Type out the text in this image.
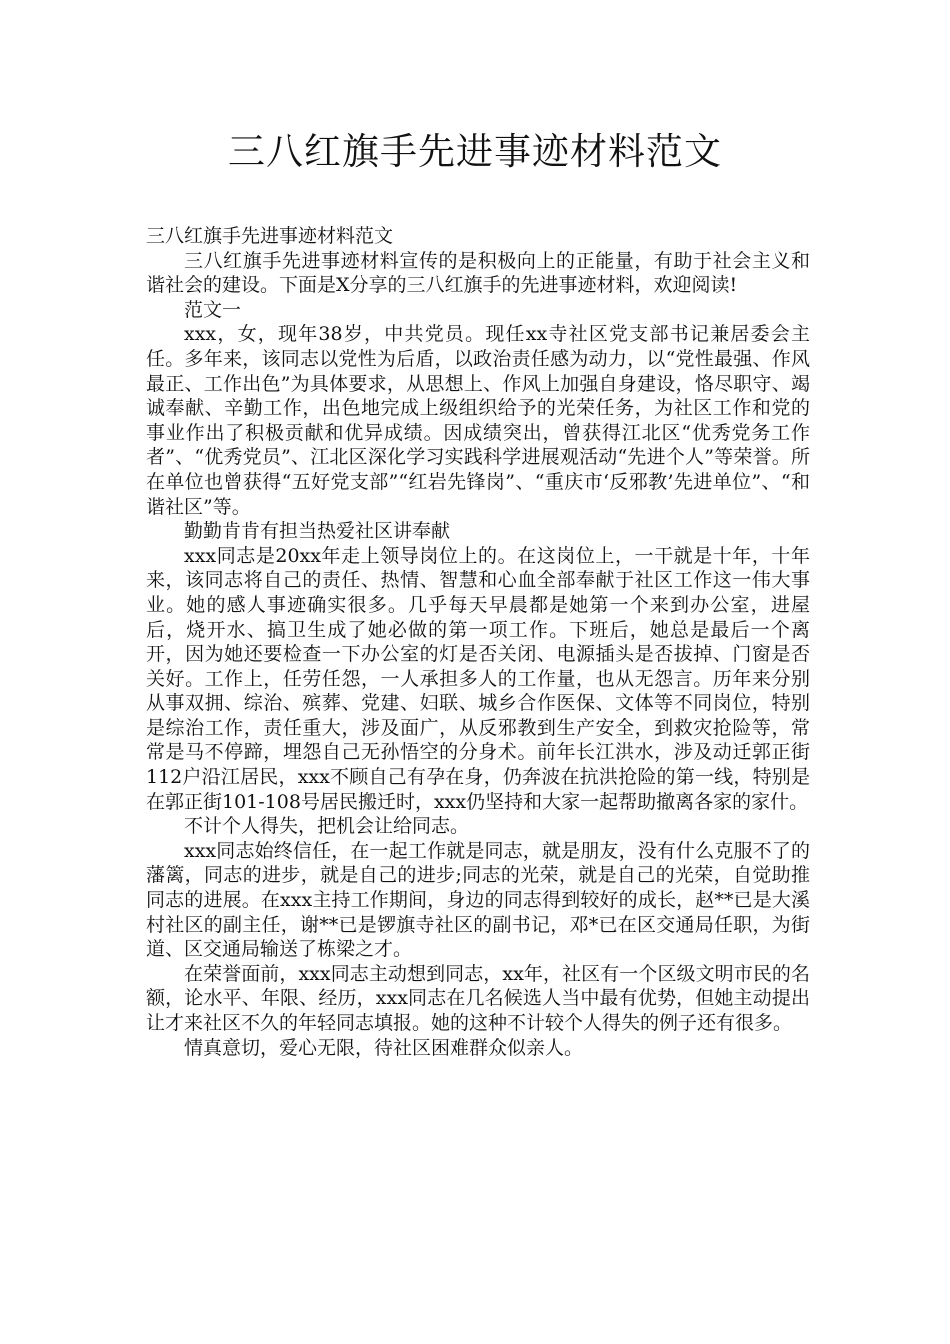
三八红旗手先进事迹材料范文

三八红旗手先进事迹材料范文

三八红旗手先进事迹材料宣传的是积极向上的正能量，有助于社会主义和谐社会的建设。下面是X分享的三八红旗手的先进事迹材料，欢迎阅读!

范文一

xxx，女，现年38岁，中共党员。现任xx寺社区党支部书记兼居委会主任。多年来，该同志以党性为后盾，以政治责任感为动力，以“党性最强、作风最正、工作出色”为具体要求，从思想上、作风上加强自身建设，恪尽职守、竭诚奉献、辛勤工作，出色地完成上级组织给予的光荣任务，为社区工作和党的事业作出了积极贡献和优异成绩。因成绩突出，曾获得江北区“优秀党务工作者”、“优秀党员”、江北区深化学习实践科学进展观活动“先进个人”等荣誉。所在单位也曾获得“五好党支部”“红岩先锋岗”、“重庆市‘反邪教’先进单位”、“和谐社区”等。

勤勤肯肯有担当热爱社区讲奉献

xxx同志是20xx年走上领导岗位上的。在这岗位上，一干就是十年，十年来，该同志将自己的责任、热情、智慧和心血全部奉献于社区工作这一伟大事业。她的感人事迹确实很多。几乎每天早晨都是她第一个来到办公室，进屋后，烧开水、搞卫生成了她必做的第一项工作。下班后，她总是最后一个离开，因为她还要检查一下办公室的灯是否关闭、电源插头是否拔掉、门窗是否关好。工作上，任劳任怨，一人承担多人的工作量，也从无怨言。历年来分别从事双拥、综治、殡葬、党建、妇联、城乡合作医保、文体等不同岗位，特别是综治工作，责任重大，涉及面广，从反邪教到生产安全，到救灾抢险等，常常是马不停蹄，埋怨自己无孙悟空的分身术。前年长江洪水，涉及动迁郭正街112户沿江居民，xxx不顾自己有孕在身，仍奔波在抗洪抢险的第一线，特别是在郭正街101-108号居民搬迁时，xxx仍坚持和大家一起帮助撤离各家的家什。

不计个人得失，把机会让给同志。

xxx同志始终信任，在一起工作就是同志，就是朋友，没有什么克服不了的藩篱，同志的进步，就是自己的进步;同志的光荣，就是自己的光荣，自觉助推同志的进展。在xxx主持工作期间，身边的同志得到较好的成长，赵**已是大溪村社区的副主任，谢**已是锣旗寺社区的副书记，邓*已在区交通局任职，为街道、区交通局输送了栋梁之才。

在荣誉面前，xxx同志主动想到同志，xx年，社区有一个区级文明市民的名额，论水平、年限、经历，xxx同志在几名候选人当中最有优势，但她主动提出让才来社区不久的年轻同志填报。她的这种不计较个人得失的例子还有很多。

情真意切，爱心无限，待社区困难群众似亲人。
